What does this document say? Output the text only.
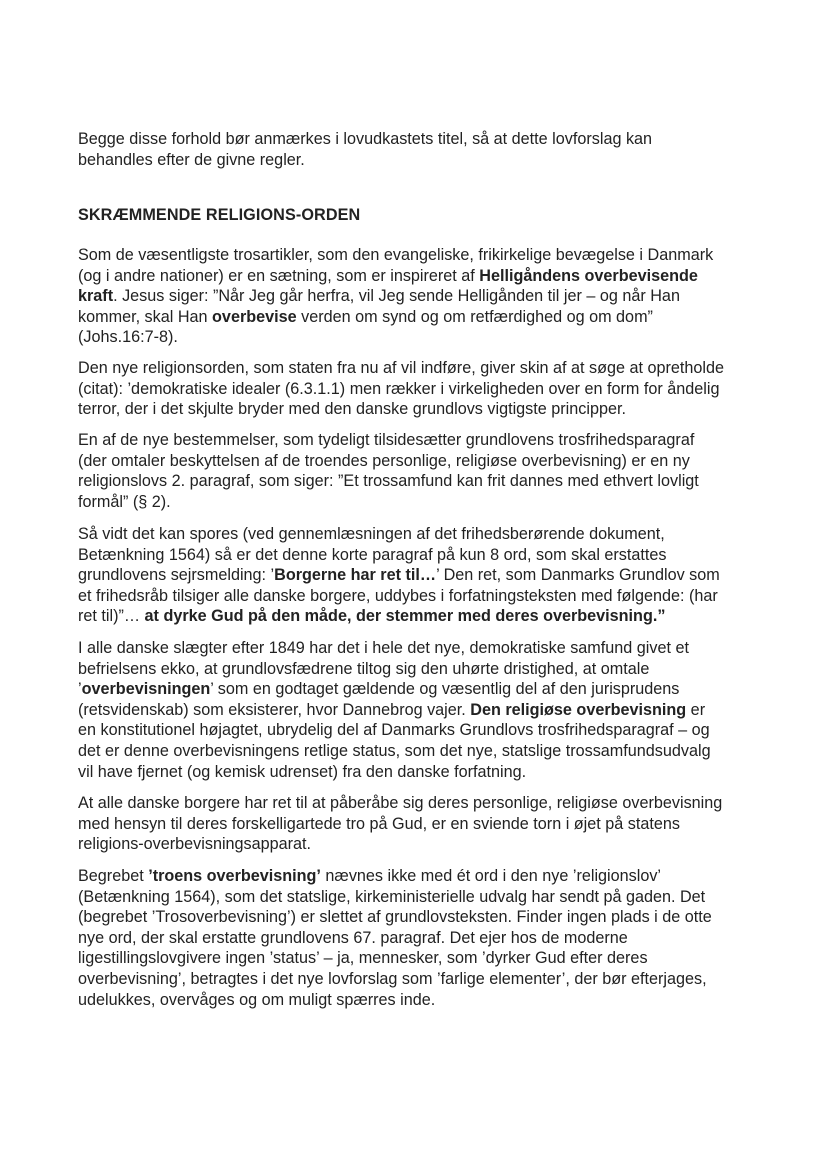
Begge disse forhold bør anmærkes i lovudkastets titel, så at dette lovforslag kan
behandles efter de givne regler.

SKRÆMMENDE RELIGIONS-ORDEN

Som de væsentligste trosartikler, som den evangeliske, frikirkelige bevægelse i Danmark
(og i andre nationer) er en sætning, som er inspireret af Helligåndens overbevisende
kraft. Jesus siger: ”Når Jeg går herfra, vil Jeg sende Helligånden til jer – og når Han
kommer, skal Han overbevise verden om synd og om retfærdighed og om dom”
(Johs.16:7-8).

Den nye religionsorden, som staten fra nu af vil indføre, giver skin af at søge at opretholde
(citat): ’demokratiske idealer (6.3.1.1) men rækker i virkeligheden over en form for åndelig
terror, der i det skjulte bryder med den danske grundlovs vigtigste principper.

En af de nye bestemmelser, som tydeligt tilsidesætter grundlovens trosfrihedsparagraf
(der omtaler beskyttelsen af de troendes personlige, religiøse overbevisning) er en ny
religionslovs 2. paragraf, som siger: ”Et trossamfund kan frit dannes med ethvert lovligt
formål” (§ 2).

Så vidt det kan spores (ved gennemlæsningen af det frihedsberørende dokument,
Betænkning 1564) så er det denne korte paragraf på kun 8 ord, som skal erstattes
grundlovens sejrsmelding: ’Borgerne har ret til…’ Den ret, som Danmarks Grundlov som
et frihedsråb tilsiger alle danske borgere, uddybes i forfatningsteksten med følgende: (har
ret til)”… at dyrke Gud på den måde, der stemmer med deres overbevisning.”

I alle danske slægter efter 1849 har det i hele det nye, demokratiske samfund givet et
befrielsens ekko, at grundlovsfædrene tiltog sig den uhørte dristighed, at omtale
’overbevisningen’ som en godtaget gældende og væsentlig del af den jurisprudens
(retsvidenskab) som eksisterer, hvor Dannebrog vajer. Den religiøse overbevisning er
en konstitutionel højagtet, ubrydelig del af Danmarks Grundlovs trosfrihedsparagraf – og
det er denne overbevisningens retlige status, som det nye, statslige trossamfundsudvalg
vil have fjernet (og kemisk udrenset) fra den danske forfatning.

At alle danske borgere har ret til at påberåbe sig deres personlige, religiøse overbevisning
med hensyn til deres forskelligartede tro på Gud, er en sviende torn i øjet på statens
religions-overbevisningsapparat.

Begrebet ’troens overbevisning’ nævnes ikke med ét ord i den nye ’religionslov’
(Betænkning 1564), som det statslige, kirkeministerielle udvalg har sendt på gaden. Det
(begrebet ’Trosoverbevisning’) er slettet af grundlovsteksten. Finder ingen plads i de otte
nye ord, der skal erstatte grundlovens 67. paragraf. Det ejer hos de moderne
ligestillingslovgivere ingen ’status’ – ja, mennesker, som ’dyrker Gud efter deres
overbevisning’, betragtes i det nye lovforslag som ’farlige elementer’, der bør efterjages,
udelukkes, overvåges og om muligt spærres inde.
